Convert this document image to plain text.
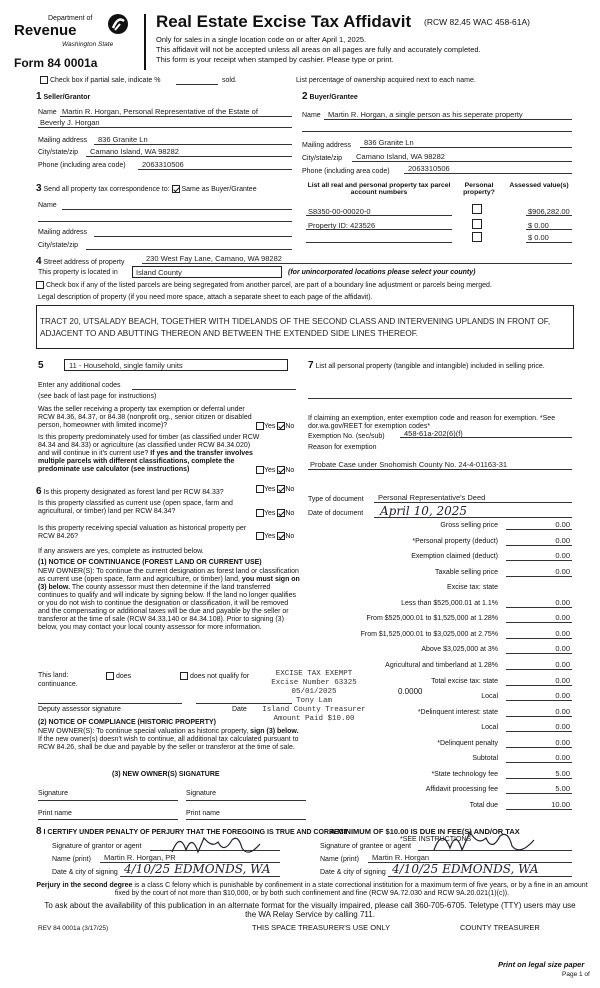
Department of
Revenue
Washington State
Form 84 0001a
Real Estate Excise Tax Affidavit (RCW 82.45 WAC 458-61A)
Only for sales in a single location code on or after April 1, 2025.
This affidavit will not be accepted unless all areas on all pages are fully and accurately completed.
This form is your receipt when stamped by cashier. Please type or print.
Check box if partial sale, indicate %	sold.	List percentage of ownership acquired next to each name.
1 Seller/Grantor
Name Martin R. Horgan, Personal Representative of the Estate of
Beverly J. Horgan
Mailing address 836 Granite Ln
City/state/zip Camano Island, WA 98282
Phone (including area code) 2063310506
2 Buyer/Grantee
Name Martin R. Horgan, a single person as his seperate property
Mailing address 836 Granite Ln
City/state/zip Camano Island, WA 98282
Phone (including area code) 2063310506
3 Send all property tax correspondence to: Same as Buyer/Grantee
Name
Mailing address
City/state/zip
List all real and personal property tax parcel account numbers
Personal property?
Assessed value(s)
S8350-00-00020-0	$906,282.00
Property ID: 423526	$ 0.00
$ 0.00
4 Street address of property	230 West Fay Lane, Camano, WA 98282
This property is located in Island County	(for unincorporated locations please select your county)
Check box if any of the listed parcels are being segregated from another parcel, are part of a boundary line adjustment or parcels being merged.
Legal description of property (if you need more space, attach a separate sheet to each page of the affidavit).
TRACT 20, UTSALADY BEACH, TOGETHER WITH TIDELANDS OF THE SECOND CLASS AND INTERVENING UPLANDS IN FRONT OF, ADJACENT TO AND ABUTTING THEREON AND BETWEEN THE EXTENDED SIDE LINES THEREOF.
5	11 - Household, single family units
Enter any additional codes
(see back of last page for instructions)
Was the seller receiving a property tax exemption or deferral under RCW 84.36, 84.37, or 84.38 (nonprofit org., senior citizen or disabled person, homeowner with limited income)?	Yes No
Is this property predominately used for timber (as classified under RCW 84.34 and 84.33) or agriculture (as classified under RCW 84.34.020) and will continue in it's current use? If yes and the transfer involves multiple parcels with different classifications, complete the predominate use calculator (see instructions)	Yes No
6 Is this property designated as forest land per RCW 84.33?	Yes No
Is this property classified as current use (open space, farm and agricultural, or timber) land per RCW 84.34?	Yes No
Is this property receiving special valuation as historical property per RCW 84.26?	Yes No
If any answers are yes, complete as instructed below.
(1) NOTICE OF CONTINUANCE (FOREST LAND OR CURRENT USE)
NEW OWNER(S): To continue the current designation as forest land or classification as current use (open space, farm and agriculture, or timber) land, you must sign on (3) below. The county assessor must then determine if the land transferred continues to qualify and will indicate by signing below. If the land no longer qualifies or you do not wish to continue the designation or classification, it will be removed and the compensating or additional taxes will be due and payable by the seller or transferor at the time of sale (RCW 84.33.140 or 84.34.108). Prior to signing (3) below, you may contact your local county assessor for more information.
This land:	does	does not qualify for
continuance.
Deputy assessor signature	Date
(2) NOTICE OF COMPLIANCE (HISTORIC PROPERTY)
NEW OWNER(S): To continue special valuation as historic property, sign (3) below. If the new owner(s) doesn't wish to continue, all additional tax calculated pursuant to RCW 84.26, shall be due and payable by the seller or transferor at the time of sale.
(3) NEW OWNER(S) SIGNATURE
Signature	Signature
Print name	Print name
7 List all personal property (tangible and intangible) included in selling price.
If claiming an exemption, enter exemption code and reason for exemption. *See dor.wa.gov/REET for exemption codes*
Exemption No. (sec/sub)	458-61a-202(6)(f)
Reason for exemption
Probate Case under Snohomish County No. 24-4-01163-31
Type of document Personal Representative's Deed
Date of document April 10, 2025
Gross selling price	0.00
*Personal property (deduct)	0.00
Exemption claimed (deduct)	0.00
Taxable selling price	0.00
Excise tax: state
Less than $525,000.01 at 1.1%	0.00
From $525,000.01 to $1,525,000 at 1.28%	0.00
From $1,525,000.01 to $3,025,000 at 2.75%	0.00
Above $3,025,000 at 3%	0.00
Agricultural and timberland at 1.28%	0.00
Total excise tax: state	0.00
Local	0.00
*Delinquent interest: state	0.00
Local	0.00
*Delinquent penalty	0.00
Subtotal	0.00
*State technology fee	5.00
Affidavit processing fee	5.00
Total due	10.00
0.0000
A MINIMUM OF $10.00 IS DUE IN FEE(S) AND/OR TAX
*SEE INSTRUCTIONS
EXCISE TAX EXEMPT
Excise Number 63325
05/01/2025
Tony Lam
Island County Treasurer
Amount Paid $10.00
8 I CERTIFY UNDER PENALTY OF PERJURY THAT THE FOREGOING IS TRUE AND CORRECT
Signature of grantor or agent
Name (print) Martin R. Horgan, PR
Date & city of signing 4/10/25 EDMONDS, WA
Signature of grantee or agent
Name (print) Martin R. Horgan
Date & city of signing 4/10/25 EDMONDS, WA
Perjury in the second degree is a class C felony which is punishable by confinement in a state correctional institution for a maximum term of five years, or by a fine in an amount fixed by the court of not more than $10,000, or by both such confinement and fine (RCW 9A.72.030 and RCW 9A.20.021(1)(c)).
To ask about the availability of this publication in an alternate format for the visually impaired, please call 360-705-6705. Teletype (TTY) users may use the WA Relay Service by calling 711.
REV 84 0001a (3/17/25)	THIS SPACE TREASURER'S USE ONLY	COUNTY TREASURER
Print on legal size paper
Page 1 of
